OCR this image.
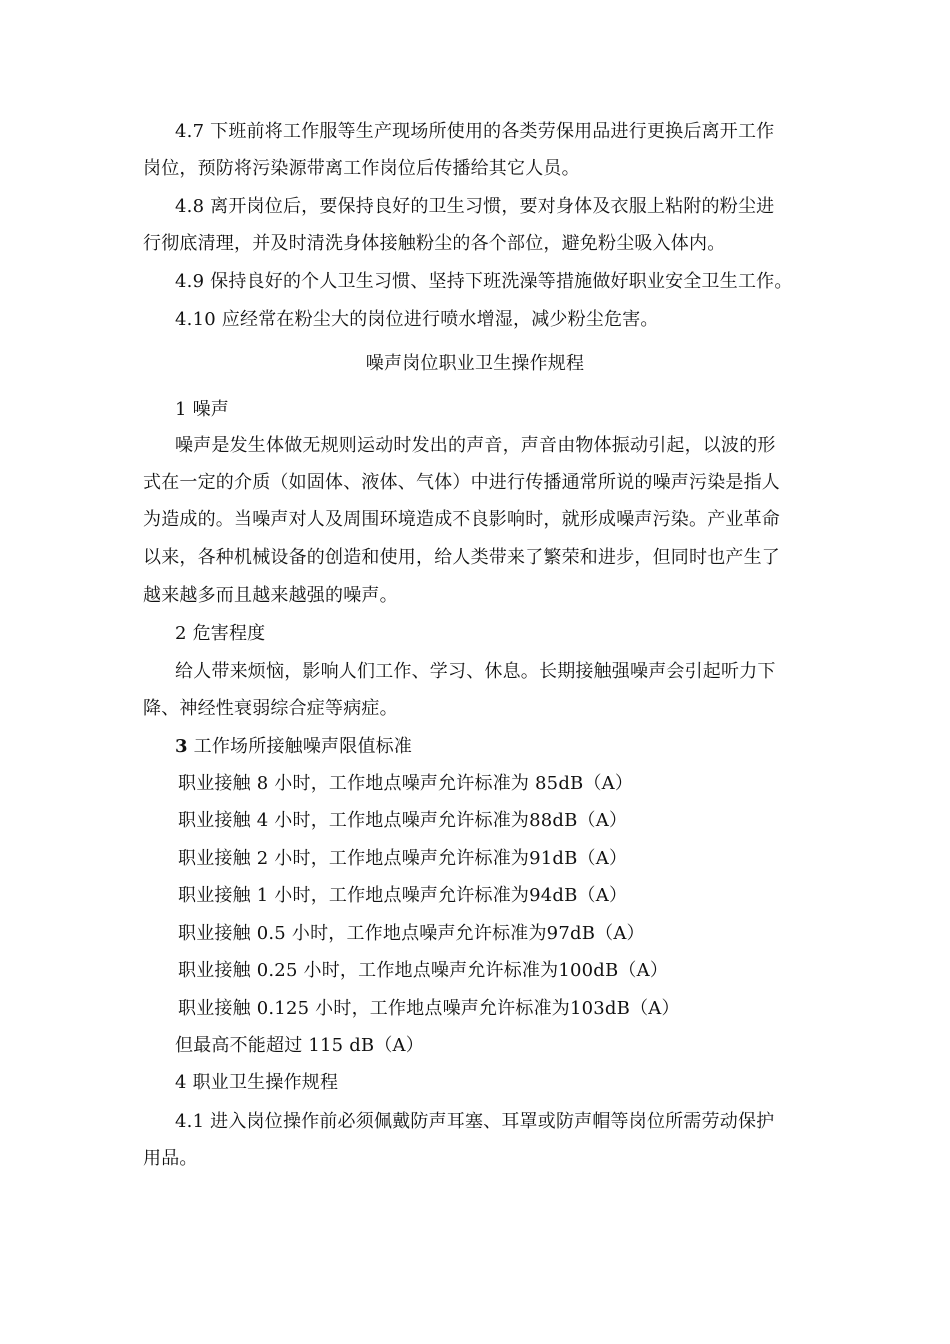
4.7 下班前将工作服等生产现场所使用的各类劳保用品进行更换后离开工作
岗位，预防将污染源带离工作岗位后传播给其它人员。
4.8 离开岗位后，要保持良好的卫生习惯，要对身体及衣服上粘附的粉尘进
行彻底清理，并及时清洗身体接触粉尘的各个部位，避免粉尘吸入体内。
4.9 保持良好的个人卫生习惯、坚持下班洗澡等措施做好职业安全卫生工作。
4.10 应经常在粉尘大的岗位进行喷水增湿，减少粉尘危害。
噪声岗位职业卫生操作规程
1 噪声
噪声是发生体做无规则运动时发出的声音，声音由物体振动引起，以波的形
式在一定的介质（如固体、液体、气体）中进行传播通常所说的噪声污染是指人
为造成的。当噪声对人及周围环境造成不良影响时，就形成噪声污染。产业革命
以来，各种机械设备的创造和使用，给人类带来了繁荣和进步，但同时也产生了
越来越多而且越来越强的噪声。
2 危害程度
给人带来烦恼，影响人们工作、学习、休息。长期接触强噪声会引起听力下
降、神经性衰弱综合症等病症。
3 工作场所接触噪声限值标准
职业接触 8 小时，工作地点噪声允许标准为 85dB（A）
职业接触 4 小时，工作地点噪声允许标准为88dB（A）
职业接触 2 小时，工作地点噪声允许标准为91dB（A）
职业接触 1 小时，工作地点噪声允许标准为94dB（A）
职业接触 0.5 小时，工作地点噪声允许标准为97dB（A）
职业接触 0.25 小时，工作地点噪声允许标准为100dB（A）
职业接触 0.125 小时，工作地点噪声允许标准为103dB（A）
但最高不能超过 115 dB（A）
4 职业卫生操作规程
4.1 进入岗位操作前必须佩戴防声耳塞、耳罩或防声帽等岗位所需劳动保护
用品。
